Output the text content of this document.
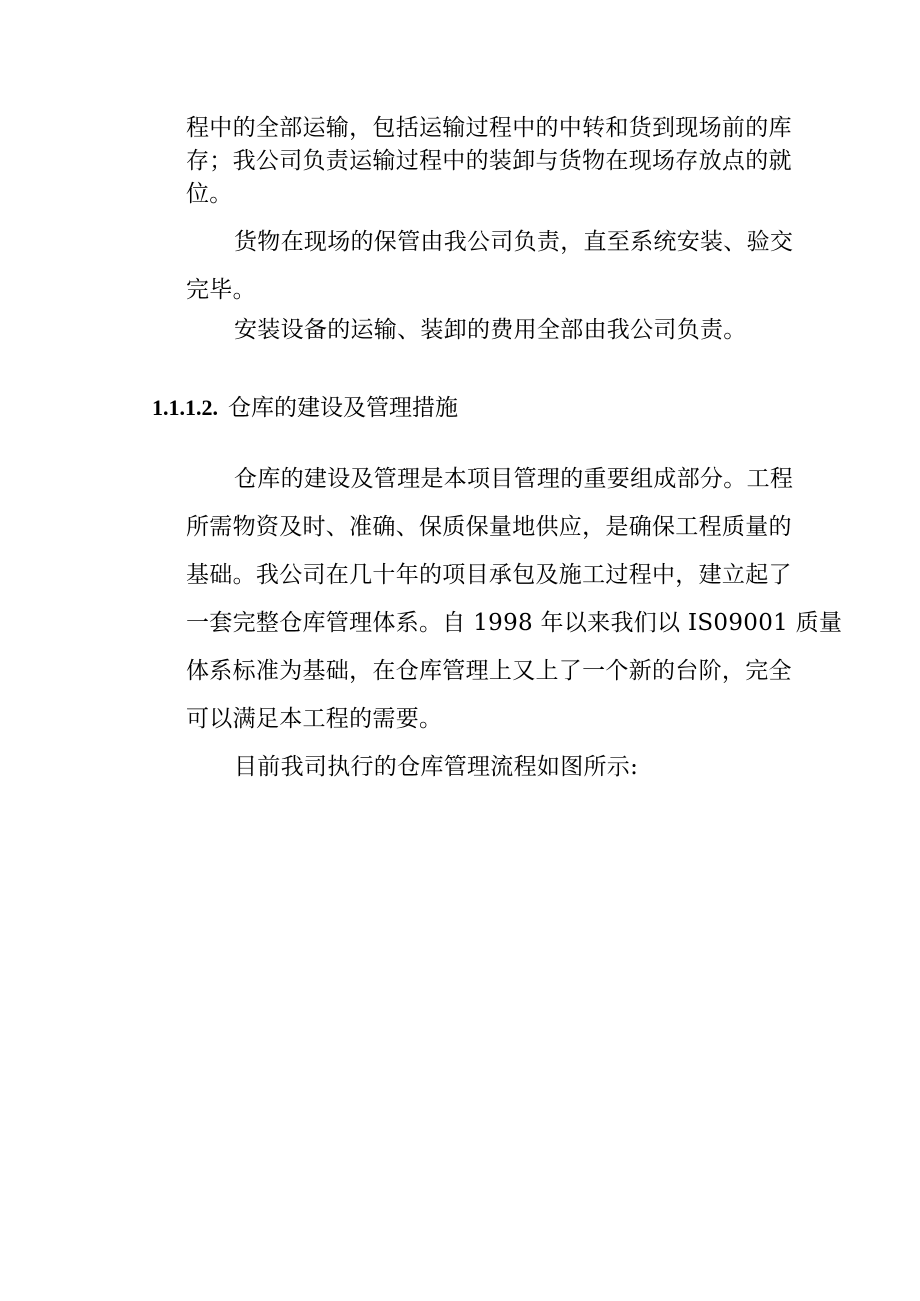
程中的全部运输，包括运输过程中的中转和货到现场前的库
存；我公司负责运输过程中的装卸与货物在现场存放点的就
位。
货物在现场的保管由我公司负责，直至系统安装、验交
完毕。
安装设备的运输、装卸的费用全部由我公司负责。
1.1.1.2. 仓库的建设及管理措施
仓库的建设及管理是本项目管理的重要组成部分。工程
所需物资及时、准确、保质保量地供应，是确保工程质量的
基础。我公司在几十年的项目承包及施工过程中，建立起了
一套完整仓库管理体系。自 1998 年以来我们以 IS09001 质量
体系标准为基础，在仓库管理上又上了一个新的台阶，完全
可以满足本工程的需要。
目前我司执行的仓库管理流程如图所示:
